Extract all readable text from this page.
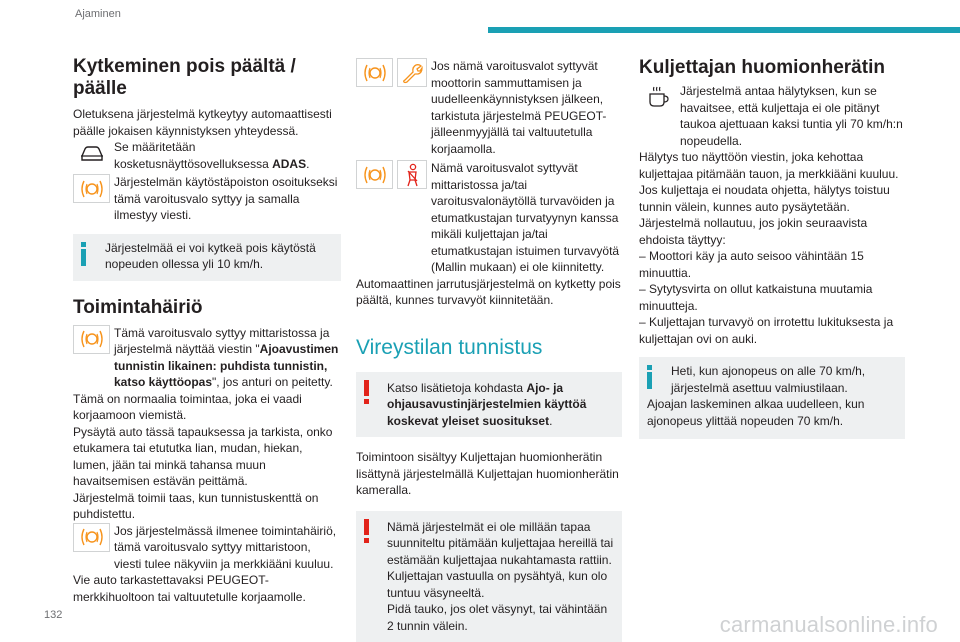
Ajaminen
Kytkeminen pois päältä / päälle

Oletuksena järjestelmä kytkeytyy automaattisesti päälle jokaisen käynnistyksen yhteydessä.

Se määritetään kosketusnäyttösovelluksessa ADAS.

Järjestelmän käytöstäpoiston osoitukseksi tämä varoitusvalo syttyy ja samalla ilmestyy viesti.

Järjestelmää ei voi kytkeä pois käytöstä nopeuden ollessa yli 10 km/h.
Toimintahäiriö

Tämä varoitusvalo syttyy mittaristossa ja järjestelmä näyttää viestin "Ajoavustimen tunnistin likainen: puhdista tunnistin, katso käyttöopas", jos anturi on peitetty.

Tämä on normaalia toimintaa, joka ei vaadi korjaamoon viemistä.

Pysäytä auto tässä tapauksessa ja tarkista, onko etukamera tai etututka lian, mudan, hiekan, lumen, jään tai minkä tahansa muun havaitsemisen estävän peittämä.

Järjestelmä toimii taas, kun tunnistuskenttä on puhdistettu.

Jos järjestelmässä ilmenee toimintahäiriö, tämä varoitusvalo syttyy mittaristoon, viesti tulee näkyviin ja merkkiääni kuuluu.

Vie auto tarkastettavaksi PEUGEOT-merkkihuoltoon tai valtuutetulle korjaamolle.

Jos nämä varoitusvalot syttyvät moottorin sammuttamisen ja uudelleenkäynnistyksen jälkeen, tarkistuta järjestelmä PEUGEOT-jälleenmyyjällä tai valtuutetulla korjaamolla.

Nämä varoitusvalot syttyvät mittaristossa ja/tai varoitusvalonäytöllä turvavöiden ja etumatkustajan turvatyynyn kanssa mikäli kuljettajan ja/tai etumatkustajan istuimen turvavyötä (Mallin mukaan) ei ole kiinnitetty.

Automaattinen jarrutusjärjestelmä on kytketty pois päältä, kunnes turvavyöt kiinnitetään.

Vireystilan tunnistus
Katso lisätietoja kohdasta Ajo- ja ohjausavustinjärjestelmien käyttöä koskevat yleiset suositukset.

Toimintoon sisältyy Kuljettajan huomionherätin lisättynä järjestelmällä Kuljettajan huomionherätin kameralla.

Nämä järjestelmät ei ole millään tapaa suunniteltu pitämään kuljettajaa hereillä tai estämään kuljettajaa nukahtamasta rattiin.

Kuljettajan vastuulla on pysähtyä, kun olo tuntuu väsyneeltä.

Pidä tauko, jos olet väsynyt, tai vähintään 2 tunnin välein.

Kuljettajan huomionherätin

Järjestelmä antaa hälytyksen, kun se havaitsee, että kuljettaja ei ole pitänyt taukoa ajettuaan kaksi tuntia yli 70 km/h:n nopeudella.

Hälytys tuo näyttöön viestin, joka kehottaa kuljettajaa pitämään tauon, ja merkkiääni kuuluu.

Jos kuljettaja ei noudata ohjetta, hälytys toistuu tunnin välein, kunnes auto pysäytetään.

Järjestelmä nollautuu, jos jokin seuraavista ehdoista täyttyy:

– Moottori käy ja auto seisoo vähintään 15 minuuttia.

– Sytytysvirta on ollut katkaistuna muutamia minuutteja.

– Kuljettajan turvavyö on irrotettu lukituksesta ja kuljettajan ovi on auki.

Heti, kun ajonopeus on alle 70 km/h, järjestelmä asettuu valmiustilaan.

Ajoajan laskeminen alkaa uudelleen, kun ajonopeus ylittää nopeuden 70 km/h.

132	carmanualsonline.info
